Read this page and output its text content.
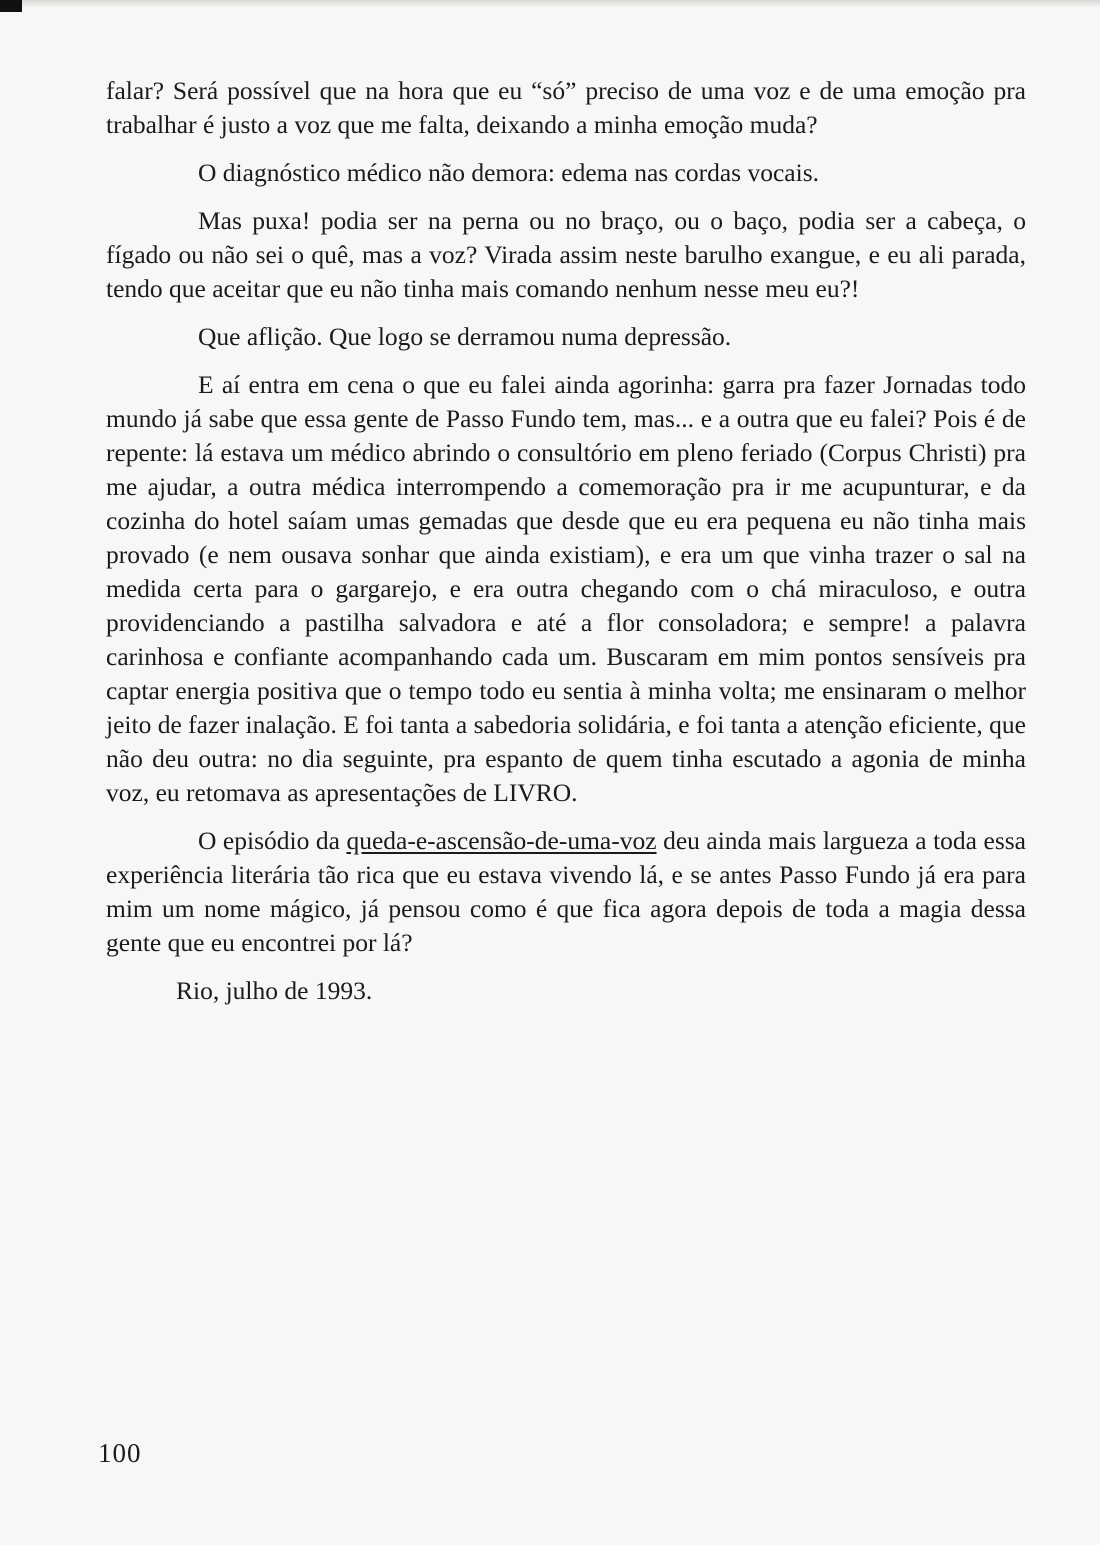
falar? Será possível que na hora que eu “só” preciso de uma voz e de uma emoção pra trabalhar é justo a voz que me falta, deixando a minha emoção muda?

O diagnóstico médico não demora: edema nas cordas vocais.

Mas puxa! podia ser na perna ou no braço, ou o baço, podia ser a cabeça, o fígado ou não sei o quê, mas a voz? Virada assim neste barulho exangue, e eu ali parada, tendo que aceitar que eu não tinha mais comando nenhum nesse meu eu?!

Que aflição. Que logo se derramou numa depressão.

E aí entra em cena o que eu falei ainda agorinha: garra pra fazer Jornadas todo mundo já sabe que essa gente de Passo Fundo tem, mas... e a outra que eu falei? Pois é de repente: lá estava um médico abrindo o consultório em pleno feriado (Corpus Christi) pra me ajudar, a outra médica interrompendo a comemoração pra ir me acupunturar, e da cozinha do hotel saíam umas gemadas que desde que eu era pequena eu não tinha mais provado (e nem ousava sonhar que ainda existiam), e era um que vinha trazer o sal na medida certa para o gargarejo, e era outra chegando com o chá miraculoso, e outra providenciando a pastilha salvadora e até a flor consoladora; e sempre! a palavra carinhosa e confiante acompanhando cada um. Buscaram em mim pontos sensíveis pra captar energia positiva que o tempo todo eu sentia à minha volta; me ensinaram o melhor jeito de fazer inalação. E foi tanta a sabedoria solidária, e foi tanta a atenção eficiente, que não deu outra: no dia seguinte, pra espanto de quem tinha escutado a agonia de minha voz, eu retomava as apresentações de LIVRO.

O episódio da queda-e-ascensão-de-uma-voz deu ainda mais largueza a toda essa experiência literária tão rica que eu estava vivendo lá, e se antes Passo Fundo já era para mim um nome mágico, já pensou como é que fica agora depois de toda a magia dessa gente que eu encontrei por lá?

Rio, julho de 1993.

100
